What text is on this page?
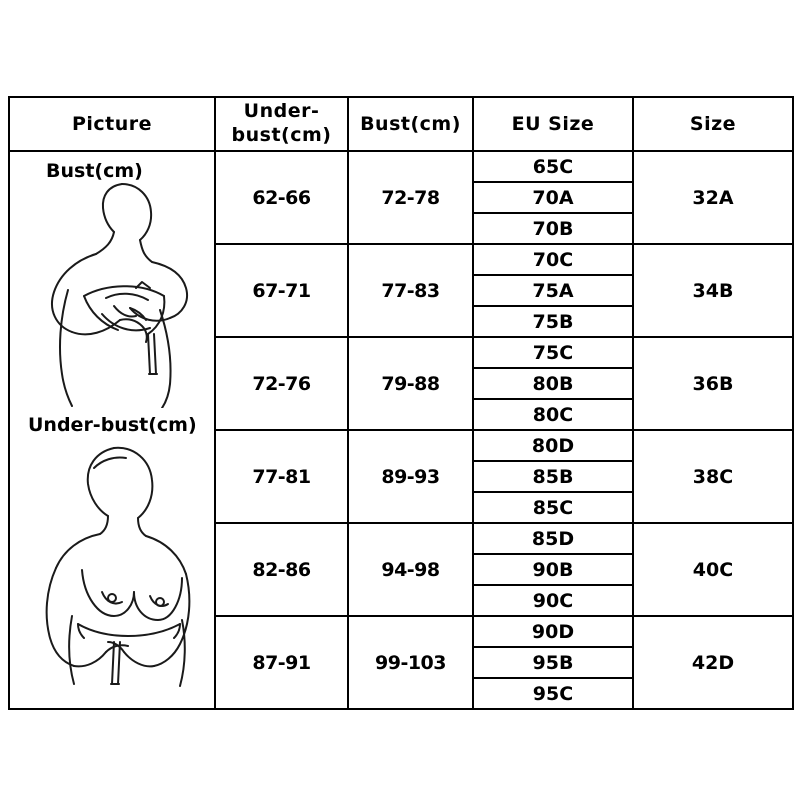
Picture	Under-bust(cm)	Bust(cm)	EU Size	Size

Bust(cm)
Under-bust(cm)	62-66	72-78	65C	32A
			70A	
			70B	
	67-71	77-83	70C	34B
			75A	
			75B	
	72-76	79-88	75C	36B
			80B	
			80C	
	77-81	89-93	80D	38C
			85B	
			85C	
	82-86	94-98	85D	40C
			90B	
			90C	
	87-91	99-103	90D	42D
			95B	
			95C	
